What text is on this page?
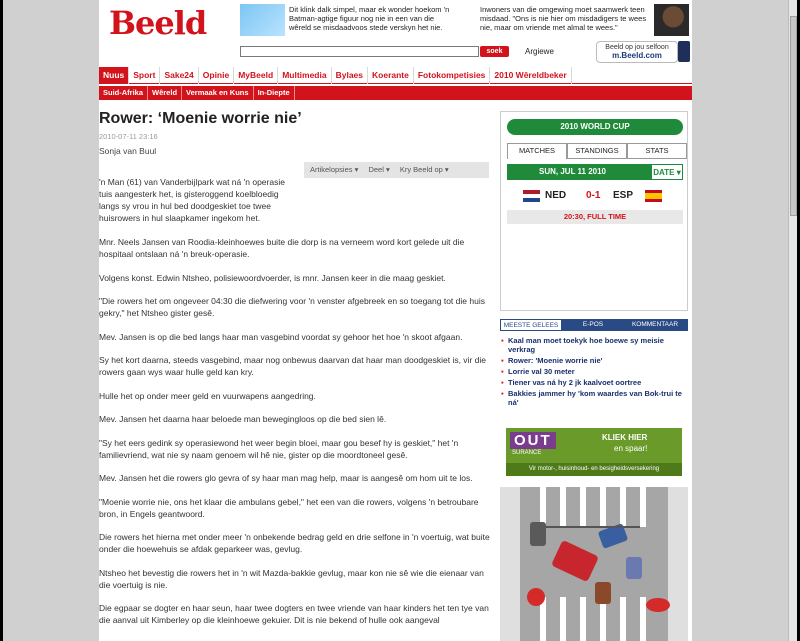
Beeld	Dit klink dalk simpel, maar ek wonder hoekom 'n Batman-agtige figuur nog nie in een van die wêreld se misdaadvoos stede verskyn het nie.
Inwoners van die omgewing moet saamwerk teen misdaad. "Ons is nie hier om misdadigers te wees nie, maar om vriende met almal te wees."
soek	Argiewe	Beeld op jou selfoon
m.Beeld.com
Nuus	Sport	Sake24	Opinie	MyBeeld	Multimedia	Bylaes	Koerante	Fotokompetisies	2010 Wêreldbeker
Suid-Afrika	Wêreld	Vermaak en Kuns	In-Diepte
Rower: ‘Moenie worrie nie’
2010-07-11 23:16
Sonja van Buul
Artikelopsies ▾ Deel ▾ Kry Beeld op ▾
'n Man (61) van Vanderbijlpark wat ná 'n operasie tuis aangesterk het, is gisteroggend koelbloedig langs sy vrou in hul bed doodgeskiet toe twee huisrowers in hul slaapkamer ingekom het.

Mnr. Neels Jansen van Roodia-kleinhoewes buite die dorp is na verneem word kort gelede uit die hospitaal ontslaan ná 'n breuk-operasie.

Volgens konst. Edwin Ntsheo, polisiewoordvoerder, is mnr. Jansen keer in die maag geskiet.

"Die rowers het om ongeveer 04:30 die diefwering voor 'n venster afgebreek en so toegang tot die huis gekry," het Ntsheo gister gesê.

Mev. Jansen is op die bed langs haar man vasgebind voordat sy gehoor het hoe 'n skoot afgaan.

Sy het kort daarna, steeds vasgebind, maar nog onbewus daarvan dat haar man doodgeskiet is, vir die rowers gaan wys waar hulle geld kan kry.

Hulle het op onder meer geld en vuurwapens aangedring.

Mev. Jansen het daarna haar beloede man bewegingloos op die bed sien lê.

"Sy het eers gedink sy operasiewond het weer begin bloei, maar gou besef hy is geskiet," het 'n familievriend, wat nie sy naam genoem wil hê nie, gister op die moordtoneel gesê.

Mev. Jansen het die rowers glo gevra of sy haar man mag help, maar is aangesê om hom uit te los.

"Moenie worrie nie, ons het klaar die ambulans gebel," het een van die rowers, volgens 'n betroubare bron, in Engels geantwoord.

Die rowers het hierna met onder meer 'n onbekende bedrag geld en drie selfone in 'n voertuig, wat buite onder die hoewehuis se afdak geparkeer was, gevlug.

Ntsheo het bevestig die rowers het in 'n wit Mazda-bakkie gevlug, maar kon nie sê wie die eienaar van die voertuig is nie.

Die egpaar se dogter en haar seun, haar twee dogters en twee vriende van haar kinders het ten tye van die aanval uit Kimberley op die kleinhoewe gekuier. Dit is nie bekend of hulle ook aangeval

2010 WORLD CUP
MATCHES	STANDINGS	STATS
SUN, JUL 11 2010	DATE ▾
NED 0-1 ESP
20:30, FULL TIME
MEESTE GELEES	E-POS	KOMMENTAAR
▪ Kaal man moet toekyk hoe boewe sy meisie verkrag
▪ Rower: 'Moenie worrie nie'
▪ Lorrie val 30 meter
▪ Tiener vas ná hy 2 jk kaalvoet oortree
▪ Bakkies jammer hy 'kom waardes van Bok-trui te ná'
OUT
SURANCE
KLIEK HIER
en spaar!
Vir motor-, huisinhoud- en besigheidsversekering
